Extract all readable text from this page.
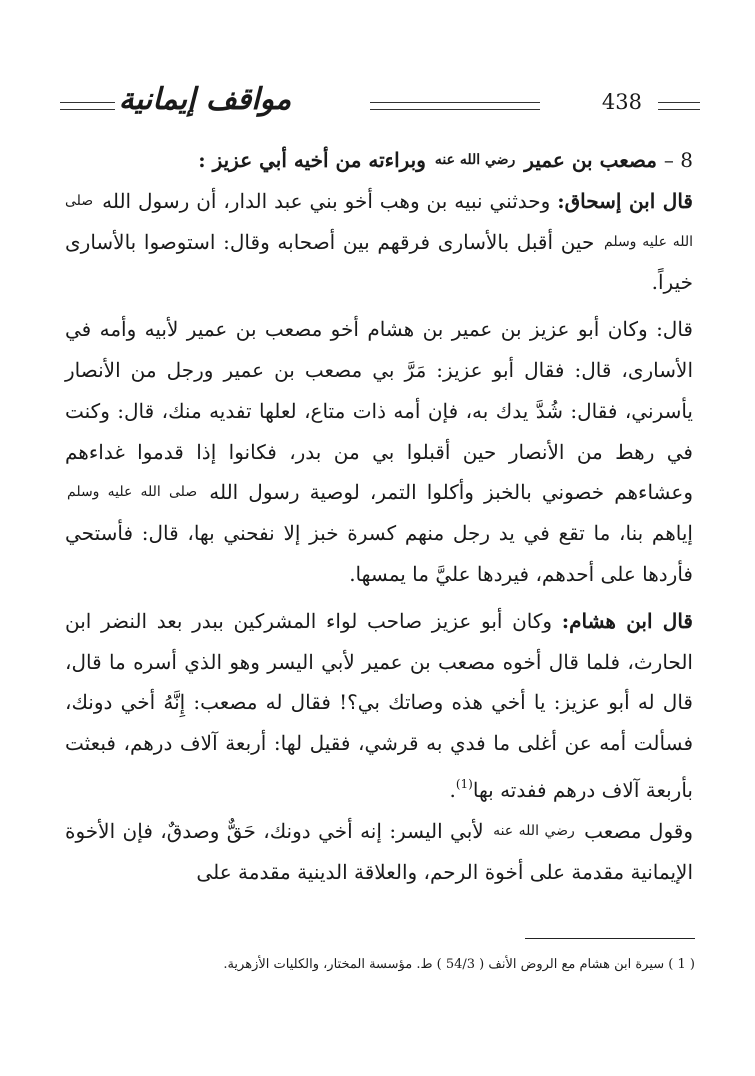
438
مواقف إيمانية

8 – مصعب بن عمير رضي الله عنه وبراءته من أخيه أبي عزيز :

قال ابن إسحاق: وحدثني نبيه بن وهب أخو بني عبد الدار، أن رسول الله صلى الله عليه وسلم حين أقبل بالأسارى فرقهم بين أصحابه وقال: استوصوا بالأسارى خيراً.

قال: وكان أبو عزيز بن عمير بن هشام أخو مصعب بن عمير لأبيه وأمه في الأسارى، قال: فقال أبو عزيز: مَرَّ بي مصعب بن عمير ورجل من الأنصار يأسرني، فقال: شُدَّ يدك به، فإن أمه ذات متاع، لعلها تفديه منك، قال: وكنت في رهط من الأنصار حين أقبلوا بي من بدر، فكانوا إذا قدموا غداءهم وعشاءهم خصوني بالخبز وأكلوا التمر، لوصية رسول الله صلى الله عليه وسلم إياهم بنا، ما تقع في يد رجل منهم كسرة خبز إلا نفحني بها، قال: فأستحي فأردها على أحدهم، فيردها عليَّ ما يمسها.

قال ابن هشام: وكان أبو عزيز صاحب لواء المشركين ببدر بعد النضر ابن الحارث، فلما قال أخوه مصعب بن عمير لأبي اليسر وهو الذي أسره ما قال، قال له أبو عزيز: يا أخي هذه وصاتك بي؟! فقال له مصعب: إِنَّهُ أخي دونك، فسألت أمه عن أغلى ما فدي به قرشي، فقيل لها: أربعة آلاف درهم، فبعثت بأربعة آلاف درهم ففدته بها$^{(1)}$.

وقول مصعب رضي الله عنه لأبي اليسر: إنه أخي دونك، حَقٌّ وصدقٌ، فإن الأخوة الإيمانية مقدمة على أخوة الرحم، والعلاقة الدينية مقدمة على

( 1 ) سيرة ابن هشام مع الروض الأنف ( 54/3 ) ط. مؤسسة المختار، والكليات الأزهرية.
